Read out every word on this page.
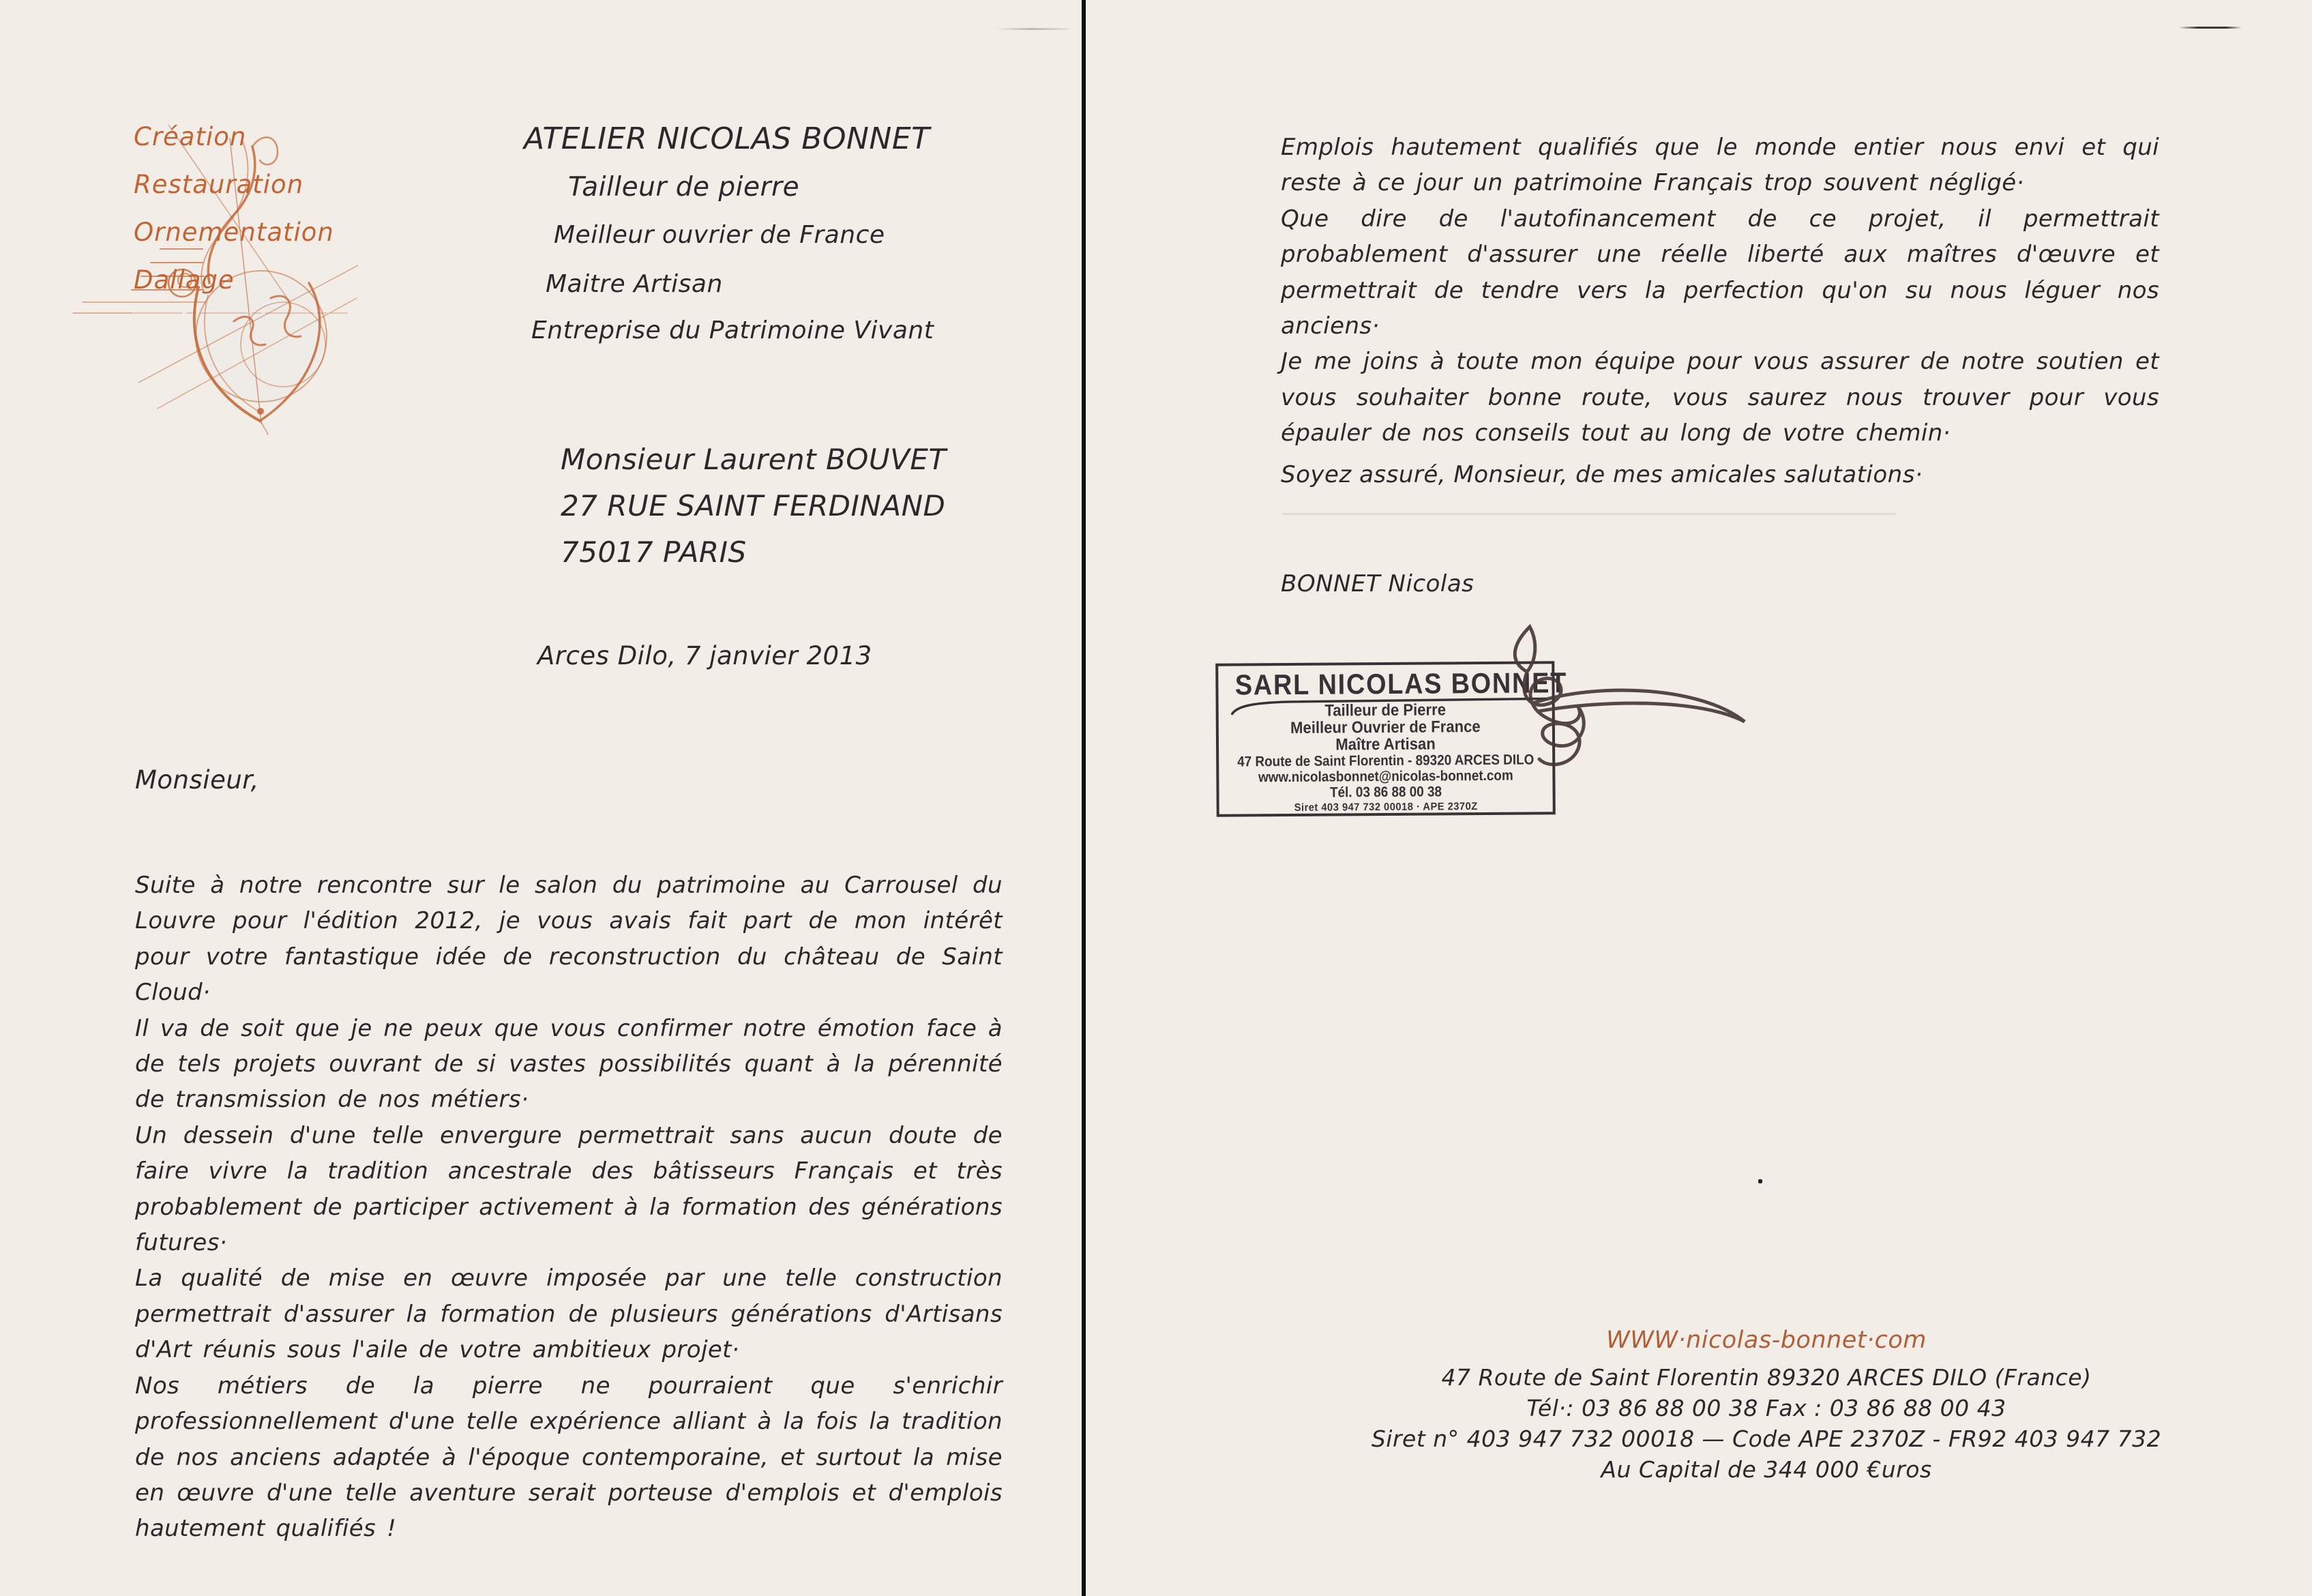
Création
Restauration
Ornementation
Dallage
ATELIER NICOLAS BONNET
Tailleur de pierre
Meilleur ouvrier de France
Maitre Artisan
Entreprise du Patrimoine Vivant
Monsieur Laurent BOUVET
27 RUE SAINT FERDINAND
75017 PARIS
Arces Dilo, 7 janvier 2013
Monsieur,

Suite à notre rencontre sur le salon du patrimoine au Carrousel du Louvre pour l'édition 2012, je vous avais fait part de mon intérêt pour votre fantastique idée de reconstruction du château de Saint Cloud·

Il va de soit que je ne peux que vous confirmer notre émotion face à de tels projets ouvrant de si vastes possibilités quant à la pérennité de transmission de nos métiers·

Un dessein d'une telle envergure permettrait sans aucun doute de faire vivre la tradition ancestrale des bâtisseurs Français et très probablement de participer activement à la formation des générations futures·

La qualité de mise en œuvre imposée par une telle construction permettrait d'assurer la formation de plusieurs générations d'Artisans d'Art réunis sous l'aile de votre ambitieux projet·

Nos métiers de la pierre ne pourraient que s'enrichir professionnellement d'une telle expérience alliant à la fois la tradition de nos anciens adaptée à l'époque contemporaine, et surtout la mise en œuvre d'une telle aventure serait porteuse d'emplois et d'emplois hautement qualifiés !

Emplois hautement qualifiés que le monde entier nous envi et qui reste à ce jour un patrimoine Français trop souvent négligé·

Que dire de l'autofinancement de ce projet, il permettrait probablement d'assurer une réelle liberté aux maîtres d'œuvre et permettrait de tendre vers la perfection qu'on su nous léguer nos anciens·

Je me joins à toute mon équipe pour vous assurer de notre soutien et vous souhaiter bonne route, vous saurez nous trouver pour vous épauler de nos conseils tout au long de votre chemin·

Soyez assuré, Monsieur, de mes amicales salutations·
BONNET Nicolas
SARL NICOLAS BONNET
Tailleur de Pierre
Meilleur Ouvrier de France
Maître Artisan
47 Route de Saint Florentin - 89320 ARCES DILO
www.nicolasbonnet@nicolas-bonnet.com
Tél. 03 86 88 00 38
Siret 403 947 732 00018 · APE 2370Z
WWW·nicolas-bonnet·com
47 Route de Saint Florentin 89320 ARCES DILO (France)
Tél·: 03 86 88 00 38 Fax : 03 86 88 00 43
Siret n° 403 947 732 00018 — Code APE 2370Z - FR92 403 947 732
Au Capital de 344 000 €uros
